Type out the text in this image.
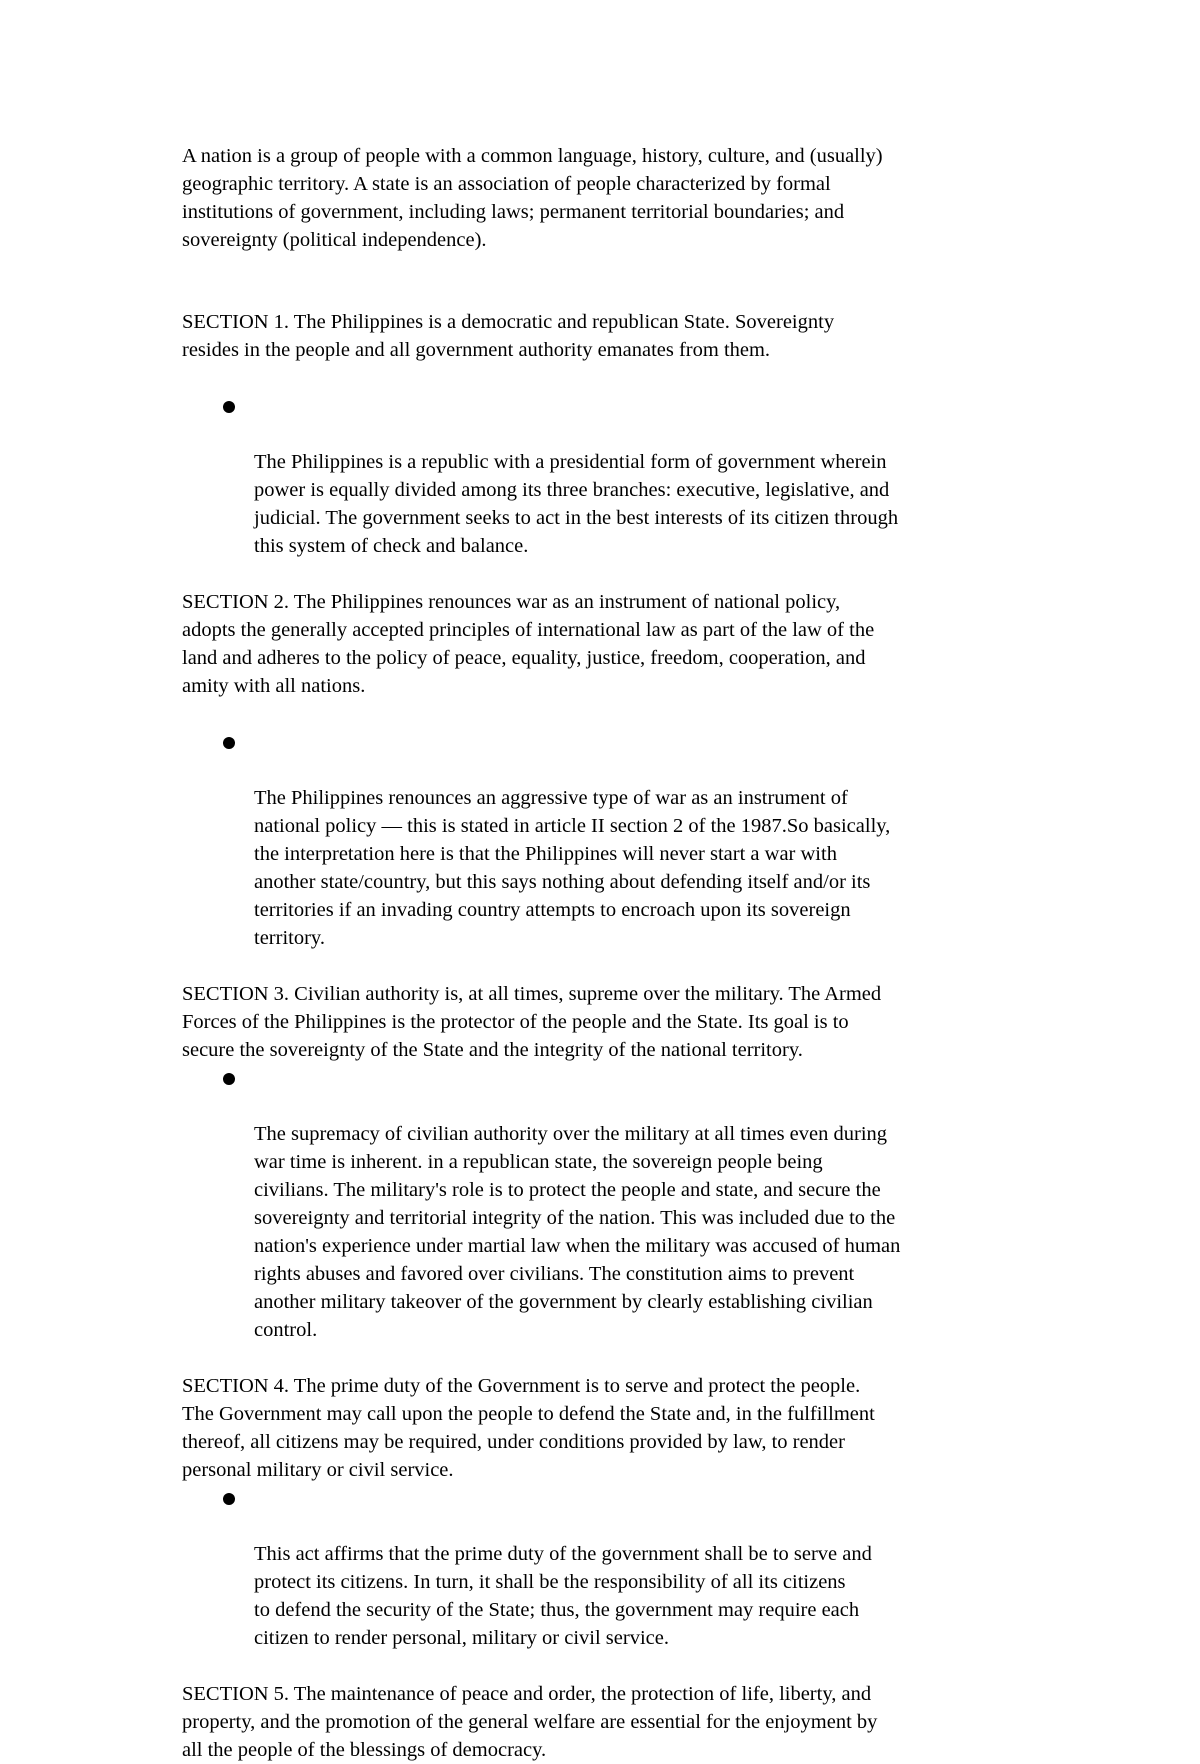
A nation is a group of people with a common language, history, culture, and (usually)
geographic territory. A state is an association of people characterized by formal
institutions of government, including laws; permanent territorial boundaries; and
sovereignty (political independence).

SECTION 1. The Philippines is a democratic and republican State. Sovereignty
resides in the people and all government authority emanates from them.

The Philippines is a republic with a presidential form of government wherein
power is equally divided among its three branches: executive, legislative, and
judicial. The government seeks to act in the best interests of its citizen through
this system of check and balance.

SECTION 2. The Philippines renounces war as an instrument of national policy,
adopts the generally accepted principles of international law as part of the law of the
land and adheres to the policy of peace, equality, justice, freedom, cooperation, and
amity with all nations.

The Philippines renounces an aggressive type of war as an instrument of
national policy — this is stated in article II section 2 of the 1987.So basically,
the interpretation here is that the Philippines will never start a war with
another state/country, but this says nothing about defending itself and/or its
territories if an invading country attempts to encroach upon its sovereign
territory.

SECTION 3. Civilian authority is, at all times, supreme over the military. The Armed
Forces of the Philippines is the protector of the people and the State. Its goal is to
secure the sovereignty of the State and the integrity of the national territory.

The supremacy of civilian authority over the military at all times even during
war time is inherent. in a republican state, the sovereign people being
civilians. The military's role is to protect the people and state, and secure the
sovereignty and territorial integrity of the nation. This was included due to the
nation's experience under martial law when the military was accused of human
rights abuses and favored over civilians. The constitution aims to prevent
another military takeover of the government by clearly establishing civilian
control.

SECTION 4. The prime duty of the Government is to serve and protect the people.
The Government may call upon the people to defend the State and, in the fulfillment
thereof, all citizens may be required, under conditions provided by law, to render
personal military or civil service.

This act affirms that the prime duty of the government shall be to serve and
protect its citizens. In turn, it shall be the responsibility of all its citizens
to defend the security of the State; thus, the government may require each
citizen to render personal, military or civil service.

SECTION 5. The maintenance of peace and order, the protection of life, liberty, and
property, and the promotion of the general welfare are essential for the enjoyment by
all the people of the blessings of democracy.
